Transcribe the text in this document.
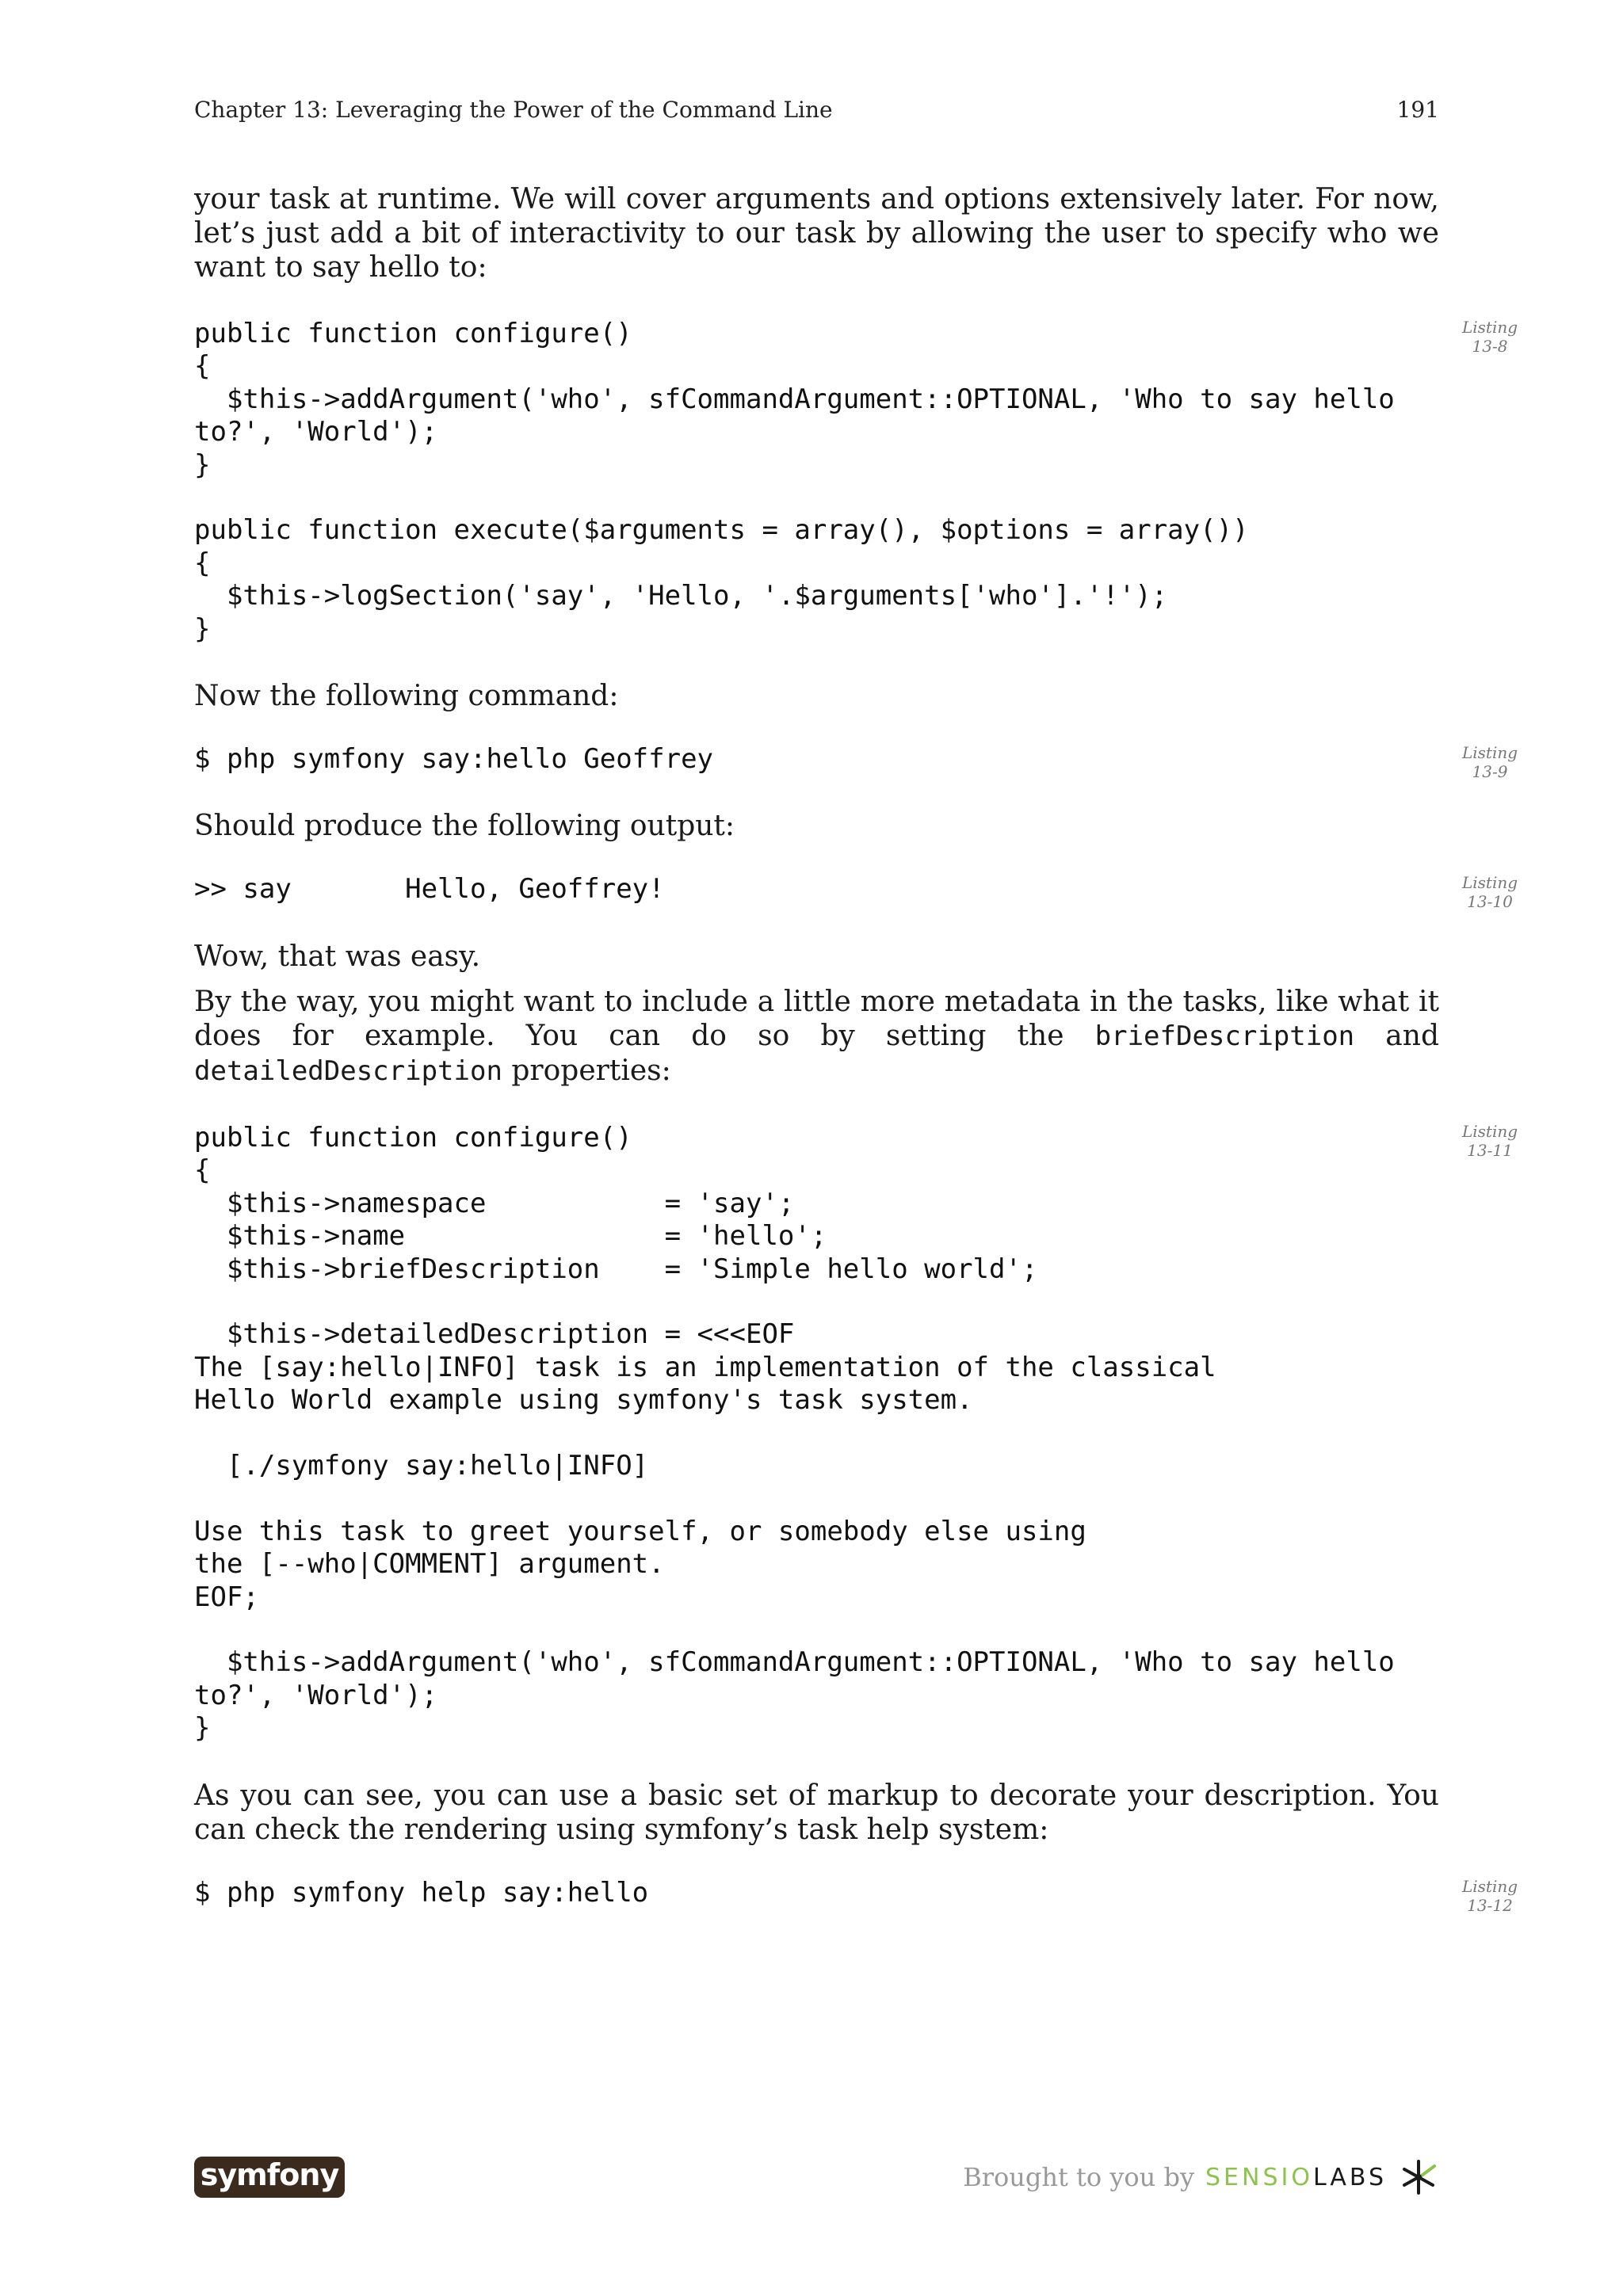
Chapter 13: Leveraging the Power of the Command Line	191

your task at runtime. We will cover arguments and options extensively later. For now, let’s just add a bit of interactivity to our task by allowing the user to specify who we want to say hello to:

public function configure()
{
$this->addArgument('who', sfCommandArgument::OPTIONAL, 'Who to say hello
to?', 'World');
}

public function execute($arguments = array(), $options = array())
{
$this->logSection('say', 'Hello, '.$arguments['who'].'!');
}
Listing
13-8

Now the following command:

$ php symfony say:hello Geoffrey	Listing
13-9

Should produce the following output:

>> say       Hello, Geoffrey!	Listing
13-10

Wow, that was easy.

By the way, you might want to include a little more metadata in the tasks, like what it does for example. You can do so by setting the briefDescription and detailedDescription properties:

public function configure()
{
$this->namespace           = 'say';
$this->name                = 'hello';
$this->briefDescription    = 'Simple hello world';

$this->detailedDescription = <<<EOF
The [say:hello|INFO] task is an implementation of the classical
Hello World example using symfony's task system.

[./symfony say:hello|INFO]

Use this task to greet yourself, or somebody else using
the [--who|COMMENT] argument.
EOF;

$this->addArgument('who', sfCommandArgument::OPTIONAL, 'Who to say hello
to?', 'World');
}
Listing
13-11

As you can see, you can use a basic set of markup to decorate your description. You can check the rendering using symfony’s task help system:

$ php symfony help say:hello	Listing
13-12
symfony	Brought to you by SENSIOLABS
